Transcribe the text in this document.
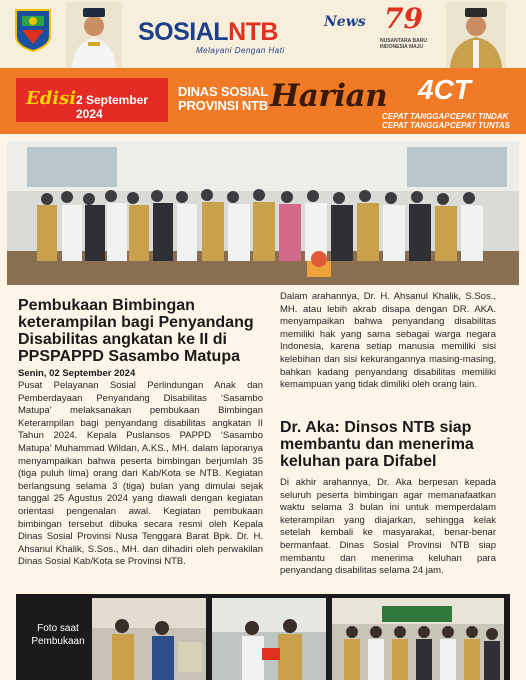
SOSIALNTB	News
Melayani Dengan Hati
79
NUSANTARA BARU INDONESIA MAJU
Edisi 2 September 2024
DINAS SOSIAL
PROVINSI NTB Harian 4CT
CEPAT TANGGAP CEPAT TINDAK
CEPAT TANGGAP CEPAT TUNTAS
Pembukaan Bimbingan keterampilan bagi Penyandang Disabilitas angkatan ke II di PPSPAPPD Sasambo Matupa
Senin, 02 September 2024
Pusat Pelayanan Sosial Perlindungan Anak dan Pemberdayaan Penyandang Disabilitas ‘Sasambo Matupa’ melaksanakan pembukaan Bimbingan Keterampilan bagi penyandang disabilitas angkatan II Tahun 2024. Kepala Puslansos PAPPD ‘Sasambo Matupa’ Muhammad Wildan, A.KS., MH. dalam laporanya menyampaikan bahwa peserta bimbingan berjumlah 35 (tiga puluh lima) orang dari Kab/Kota se NTB. Kegiatan berlangsung selama 3 (tiga) bulan yang dimulai sejak tanggal 25 Agustus 2024 yang diawali dengan kegiatan orientasi pengenalan awal. Kegiatan pembukaan bimbingan tersebut dibuka secara resmi oleh Kepala Dinas Sosial Provinsi Nusa Tenggara Barat Bpk. Dr. H. Ahsanul Khalik, S.Sos., MH. dan dihadiri oleh perwakilan Dinas Sosial Kab/Kota se Provinsi NTB.
Dalam arahannya, Dr. H. Ahsanul Khalik, S.Sos., MH. atau lebih akrab disapa dengan DR. AKA. menyampaikan bahwa penyandang disabilitas memiliki hak yang sama sebagai warga negara Indonesia, karena setiap manusia memiliki sisi kelebihan dan sisi kekurangannya masing-masing, bahkan kadang penyandang disabilitas memiliki kemampuan yang tidak dimiliki oleh orang lain.
Dr. Aka: Dinsos NTB siap membantu dan menerima keluhan para Difabel
Di akhir arahannya, Dr. Aka berpesan kepada seluruh peserta bimbingan agar memanafaatkan waktu selama 3 bulan ini untuk memperdalam keterampilan yang diajarkan, sehingga kelak setelah kembali ke masyarakat, benar-benar bermanfaat. Dinas Sosial Provinsi NTB siap membantu dan menerima keluhan para penyandang disabilitas selama 24 jam.
Foto saat
Pembukaan
